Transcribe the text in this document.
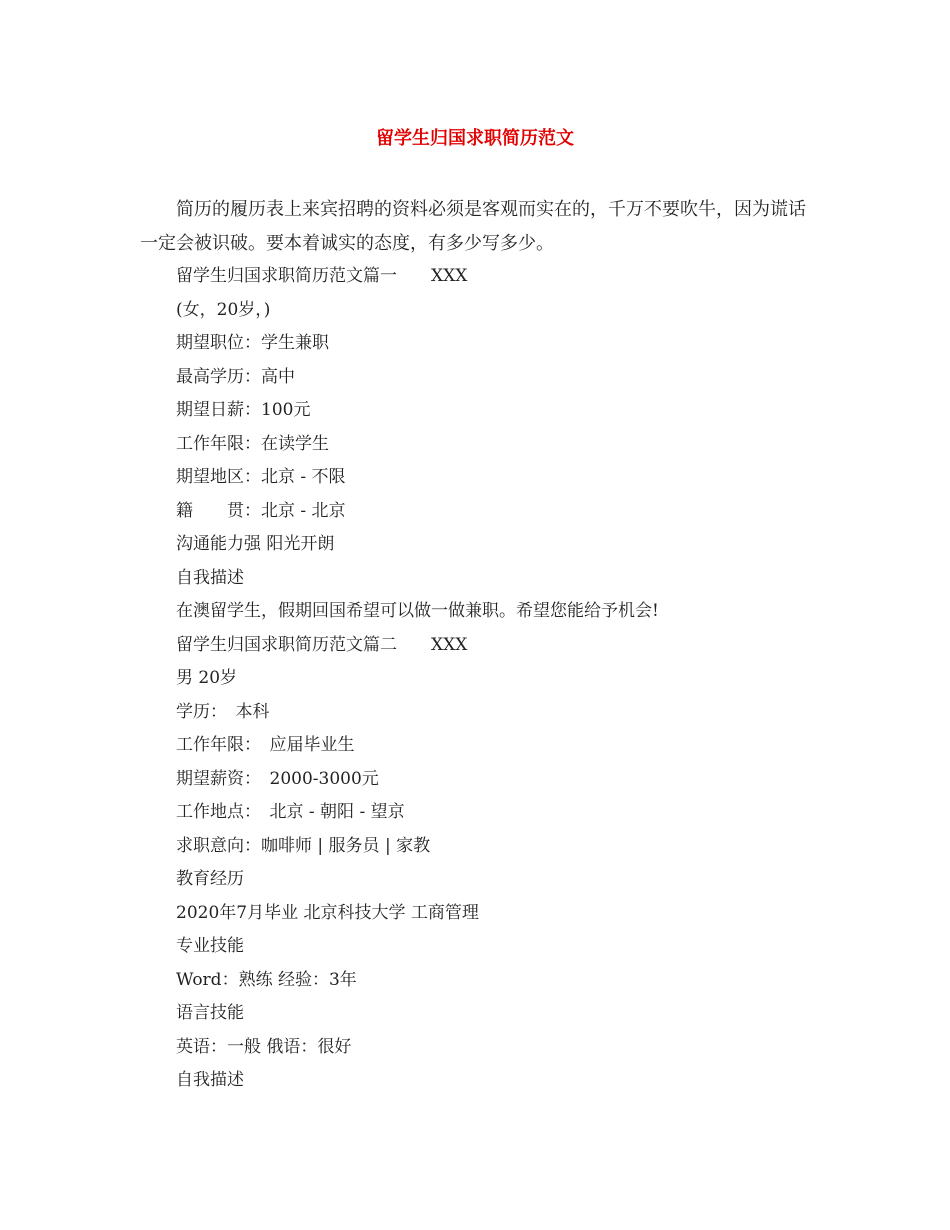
留学生归国求职简历范文

简历的履历表上来宾招聘的资料必须是客观而实在的，千万不要吹牛，因为谎话一定会被识破。要本着诚实的态度，有多少写多少。

留学生归国求职简历范文篇一　　XXX
(女，20岁，)
期望职位：学生兼职
最高学历：高中
期望日薪：100元
工作年限：在读学生
期望地区：北京 - 不限
籍　　贯：北京 - 北京
沟通能力强 阳光开朗
自我描述
在澳留学生，假期回国希望可以做一做兼职。希望您能给予机会!
留学生归国求职简历范文篇二　　XXX
男 20岁
学历：　本科
工作年限：　应届毕业生
期望薪资：　2000-3000元
工作地点：　北京 - 朝阳 - 望京
求职意向：咖啡师 | 服务员 | 家教
教育经历
2020年7月毕业 北京科技大学 工商管理
专业技能
Word：熟练 经验：3年
语言技能
英语：一般 俄语：很好
自我描述
